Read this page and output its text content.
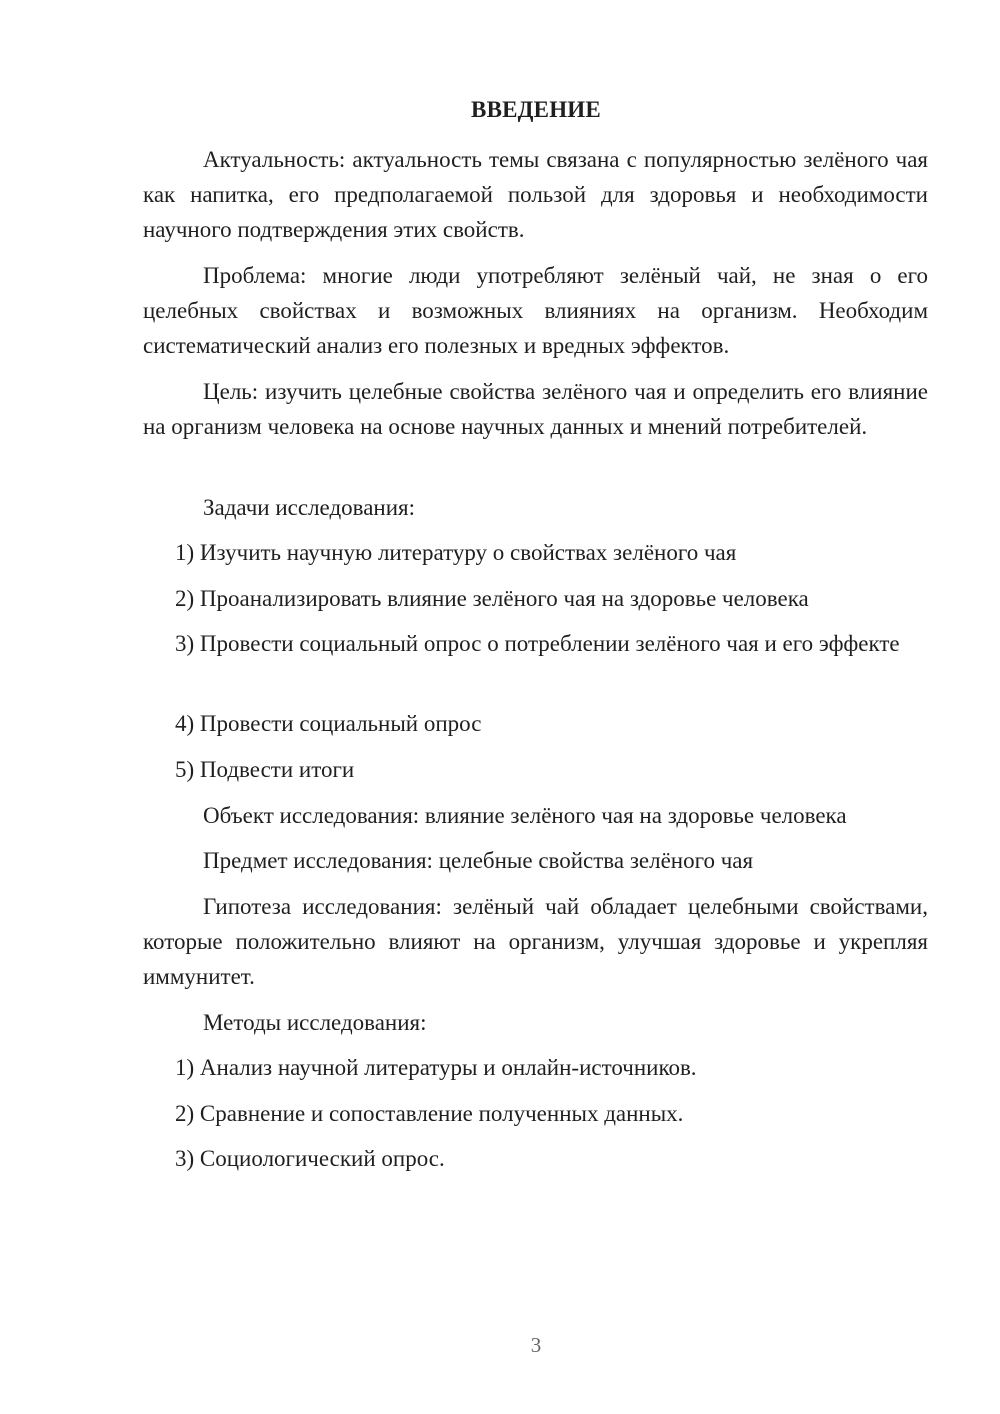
ВВЕДЕНИЕ

Актуальность: актуальность темы связана с популярностью зелёного чая как напитка, его предполагаемой пользой для здоровья и необходимости научного подтверждения этих свойств.

Проблема: многие люди употребляют зелёный чай, не зная о его целебных свойствах и возможных влияниях на организм. Необходим систематический анализ его полезных и вредных эффектов.

Цель: изучить целебные свойства зелёного чая и определить его влияние на организм человека на основе научных данных и мнений потребителей.

Задачи исследования:

1) Изучить научную литературу о свойствах зелёного чая

2) Проанализировать влияние зелёного чая на здоровье человека

3) Провести социальный опрос о потреблении зелёного чая и его эффекте

4) Провести социальный опрос

5) Подвести итоги

Объект исследования: влияние зелёного чая на здоровье человека

Предмет исследования: целебные свойства зелёного чая

Гипотеза исследования: зелёный чай обладает целебными свойствами, которые положительно влияют на организм, улучшая здоровье и укрепляя иммунитет.

Методы исследования:

1) Анализ научной литературы и онлайн-источников.

2) Сравнение и сопоставление полученных данных.

3) Социологический опрос.

3
